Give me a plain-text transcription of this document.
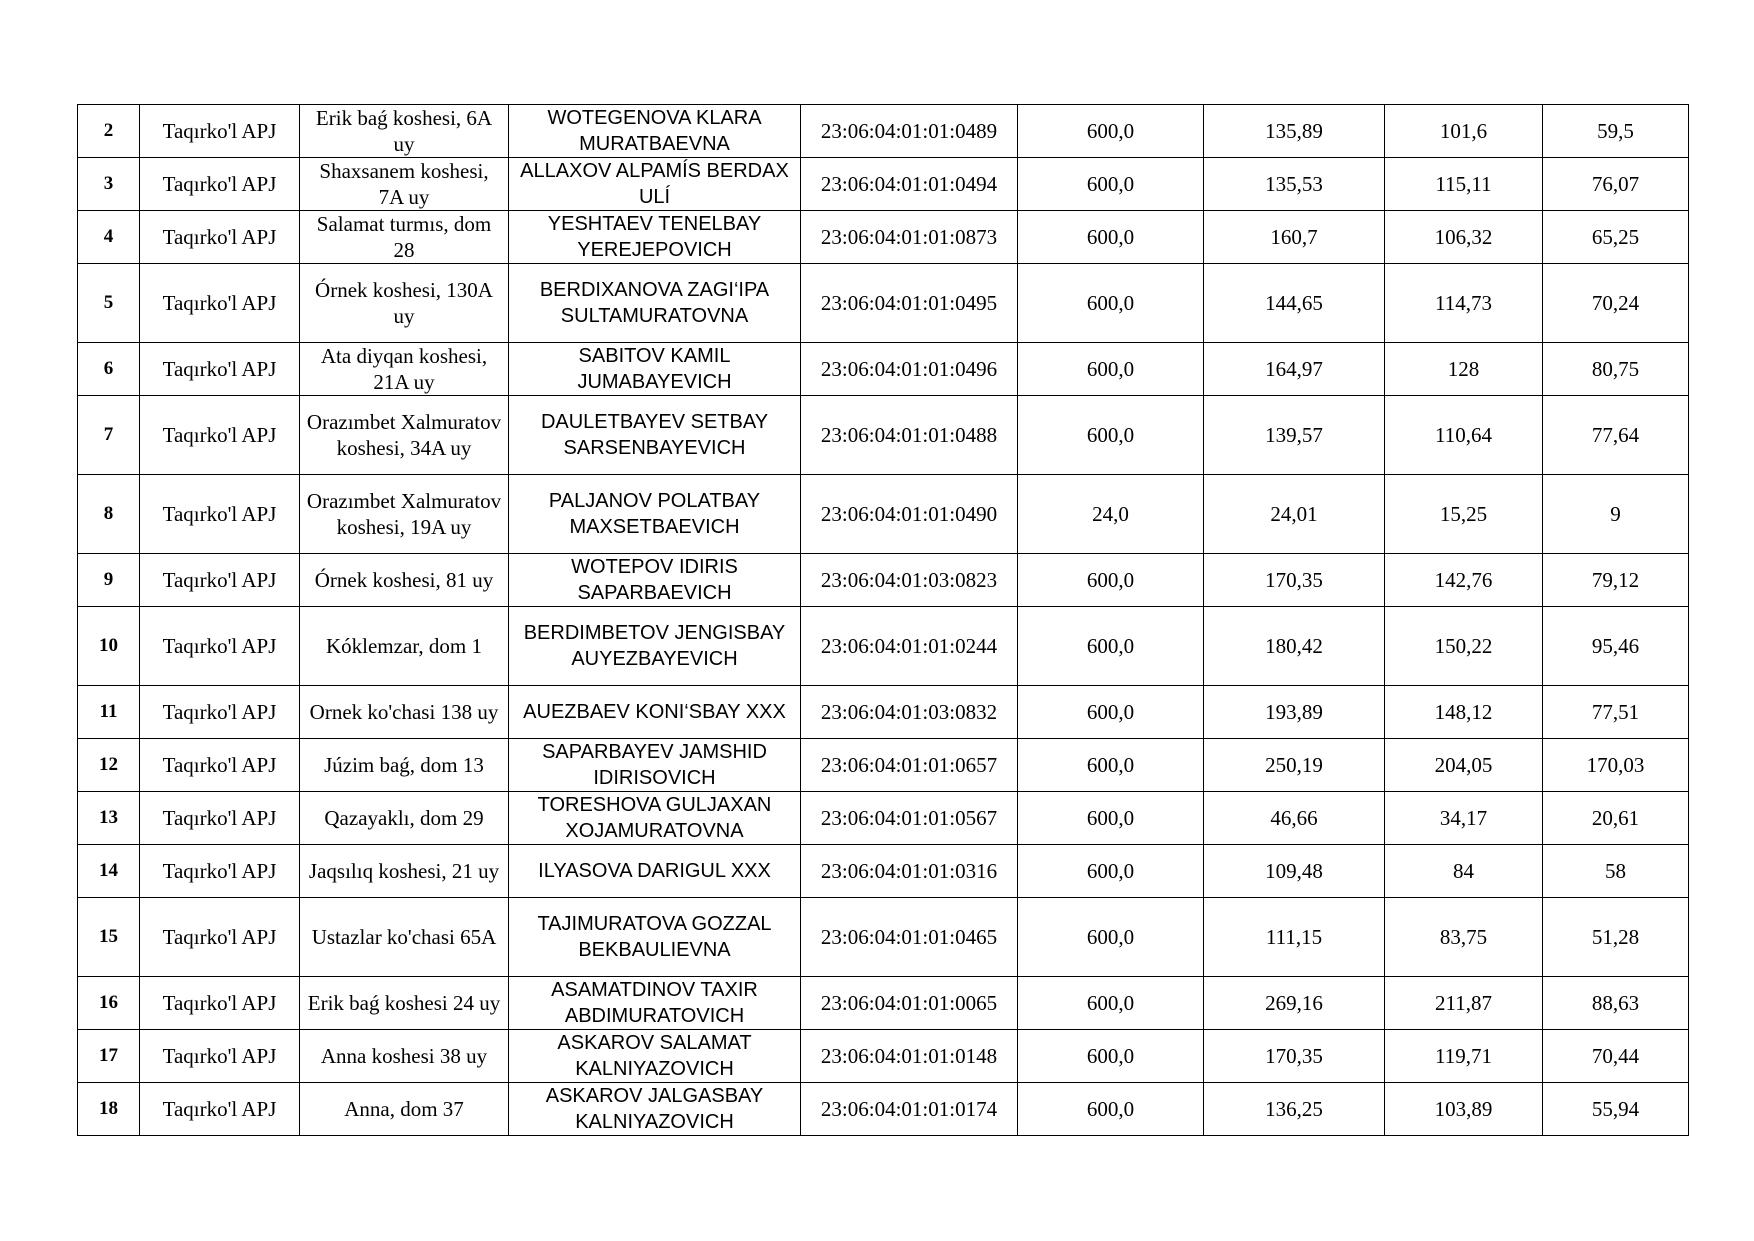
2	Taqırko'l APJ	Erik baǵ koshesi, 6A uy	WOTEGENOVA KLARA MURATBAEVNA	23:06:04:01:01:0489	600,0	135,89	101,6	59,5
3	Taqırko'l APJ	Shaxsanem koshesi, 7A uy	ALLAXOV ALPAMÍS BERDAX ULÍ	23:06:04:01:01:0494	600,0	135,53	115,11	76,07
4	Taqırko'l APJ	Salamat turmıs, dom 28	YESHTAEV TENELBAY YEREJEPOVICH	23:06:04:01:01:0873	600,0	160,7	106,32	65,25
5	Taqırko'l APJ	Órnek koshesi, 130A uy	BERDIXANOVA ZAGI‘IPA SULTAMURATOVNA	23:06:04:01:01:0495	600,0	144,65	114,73	70,24
6	Taqırko'l APJ	Ata diyqan koshesi, 21A uy	SABITOV KAMIL JUMABAYEVICH	23:06:04:01:01:0496	600,0	164,97	128	80,75
7	Taqırko'l APJ	Orazımbet Xalmuratov koshesi, 34A uy	DAULETBAYEV SETBAY SARSENBAYEVICH	23:06:04:01:01:0488	600,0	139,57	110,64	77,64
8	Taqırko'l APJ	Orazımbet Xalmuratov koshesi, 19A uy	PALJANOV POLATBAY MAXSETBAEVICH	23:06:04:01:01:0490	24,0	24,01	15,25	9
9	Taqırko'l APJ	Órnek koshesi, 81 uy	WOTEPOV IDIRIS SAPARBAEVICH	23:06:04:01:03:0823	600,0	170,35	142,76	79,12
10	Taqırko'l APJ	Kóklemzar, dom 1	BERDIMBETOV JENGISBAY AUYEZBAYEVICH	23:06:04:01:01:0244	600,0	180,42	150,22	95,46
11	Taqırko'l APJ	Ornek ko'chasi 138 uy	AUEZBAEV KONI‘SBAY XXX	23:06:04:01:03:0832	600,0	193,89	148,12	77,51
12	Taqırko'l APJ	Júzim baǵ, dom 13	SAPARBAYEV JAMSHID IDIRISOVICH	23:06:04:01:01:0657	600,0	250,19	204,05	170,03
13	Taqırko'l APJ	Qazayaklı, dom 29	TORESHOVA GULJAXAN XOJAMURATOVNA	23:06:04:01:01:0567	600,0	46,66	34,17	20,61
14	Taqırko'l APJ	Jaqsılıq koshesi, 21 uy	ILYASOVA DARIGUL XXX	23:06:04:01:01:0316	600,0	109,48	84	58
15	Taqırko'l APJ	Ustazlar ko'chasi 65A	TAJIMURATOVA GOZZAL BEKBAULIEVNA	23:06:04:01:01:0465	600,0	111,15	83,75	51,28
16	Taqırko'l APJ	Erik baǵ koshesi 24 uy	ASAMATDINOV TAXIR ABDIMURATOVICH	23:06:04:01:01:0065	600,0	269,16	211,87	88,63
17	Taqırko'l APJ	Anna koshesi 38 uy	ASKAROV SALAMAT KALNIYAZOVICH	23:06:04:01:01:0148	600,0	170,35	119,71	70,44
18	Taqırko'l APJ	Anna, dom 37	ASKAROV JALGASBAY KALNIYAZOVICH	23:06:04:01:01:0174	600,0	136,25	103,89	55,94
